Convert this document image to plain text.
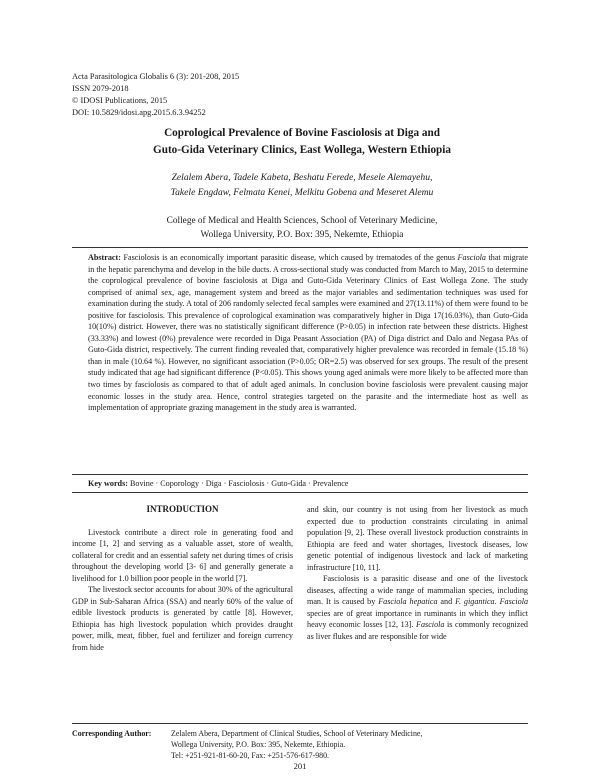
Acta Parasitologica Globalis 6 (3): 201-208, 2015
ISSN 2079-2018
© IDOSI Publications, 2015
DOI: 10.5829/idosi.apg.2015.6.3.94252
Coprological Prevalence of Bovine Fasciolosis at Diga and
Guto-Gida Veterinary Clinics, East Wollega, Western Ethiopia
Zelalem Abera, Tadele Kabeta, Beshatu Ferede, Mesele Alemayehu,
Takele Engdaw, Felmata Kenei, Melkitu Gobena and Meseret Alemu
College of Medical and Health Sciences, School of Veterinary Medicine,
Wollega University, P.O. Box: 395, Nekemte, Ethiopia
Abstract: Fasciolosis is an economically important parasitic disease, which caused by trematodes of the genus Fasciola that migrate in the hepatic parenchyma and develop in the bile ducts. A cross-sectional study was conducted from March to May, 2015 to determine the coprological prevalence of bovine fasciolosis at Diga and Guto-Gida Veterinary Clinics of East Wollega Zone. The study comprised of animal sex, age, management system and breed as the major variables and sedimentation techniques was used for examination during the study. A total of 206 randomly selected fecal samples were examined and 27(13.11%) of them were found to be positive for fasciolosis. This prevalence of coprological examination was comparatively higher in Diga 17(16.03%), than Guto-Gida 10(10%) district. However, there was no statistically significant difference (P>0.05) in infection rate between these districts. Highest (33.33%) and lowest (0%) prevalence were recorded in Diga Peasant Association (PA) of Diga district and Dalo and Negasa PAs of Guto-Gida district, respectively. The current finding revealed that, comparatively higher prevalence was recorded in female (15.18 %) than in male (10.64 %). However, no significant association (P>0.05; OR=2.5) was observed for sex groups. The result of the present study indicated that age had significant difference (P<0.05). This shows young aged animals were more likely to be affected more than two times by fasciolosis as compared to that of adult aged animals. In conclusion bovine fasciolosis were prevalent causing major economic losses in the study area. Hence, control strategies targeted on the parasite and the intermediate host as well as implementation of appropriate grazing management in the study area is warranted.
Key words: Bovine · Coporology · Diga · Fasciolosis · Guto-Gida · Prevalence

INTRODUCTION

Livestock contribute a direct role in generating food and income [1, 2] and serving as a valuable asset, store of wealth, collateral for credit and an essential safety net during times of crisis throughout the developing world [3- 6] and generally generate a livelihood for 1.0 billion poor people in the world [7].

The livestock sector accounts for about 30% of the agricultural GDP in Sub-Saharan Africa (SSA) and nearly 60% of the value of edible livestock products is generated by cattle [8]. However, Ethiopia has high livestock population which provides draught power, milk, meat, fibber, fuel and fertilizer and foreign currency from hide

and skin, our country is not using from her livestock as much expected due to production constraints circulating in animal population [9, 2]. These overall livestock production constraints in Ethiopia are feed and water shortages, livestock diseases, low genetic potential of indigenous livestock and lack of marketing infrastructure [10, 11].

Fasciolosis is a parasitic disease and one of the livestock diseases, affecting a wide range of mammalian species, including man. It is caused by Fasciola hepatica and F. gigantica. Fasciola species are of great importance in ruminants in which they inflict heavy economic losses [12, 13]. Fasciola is commonly recognized as liver flukes and are responsible for wide

Corresponding Author:	Zelalem Abera, Department of Clinical Studies, School of Veterinary Medicine,
Wollega University, P.O. Box: 395, Nekemte, Ethiopia.
Tel: +251-921-81-60-20, Fax: +251-576-617-980.
201
